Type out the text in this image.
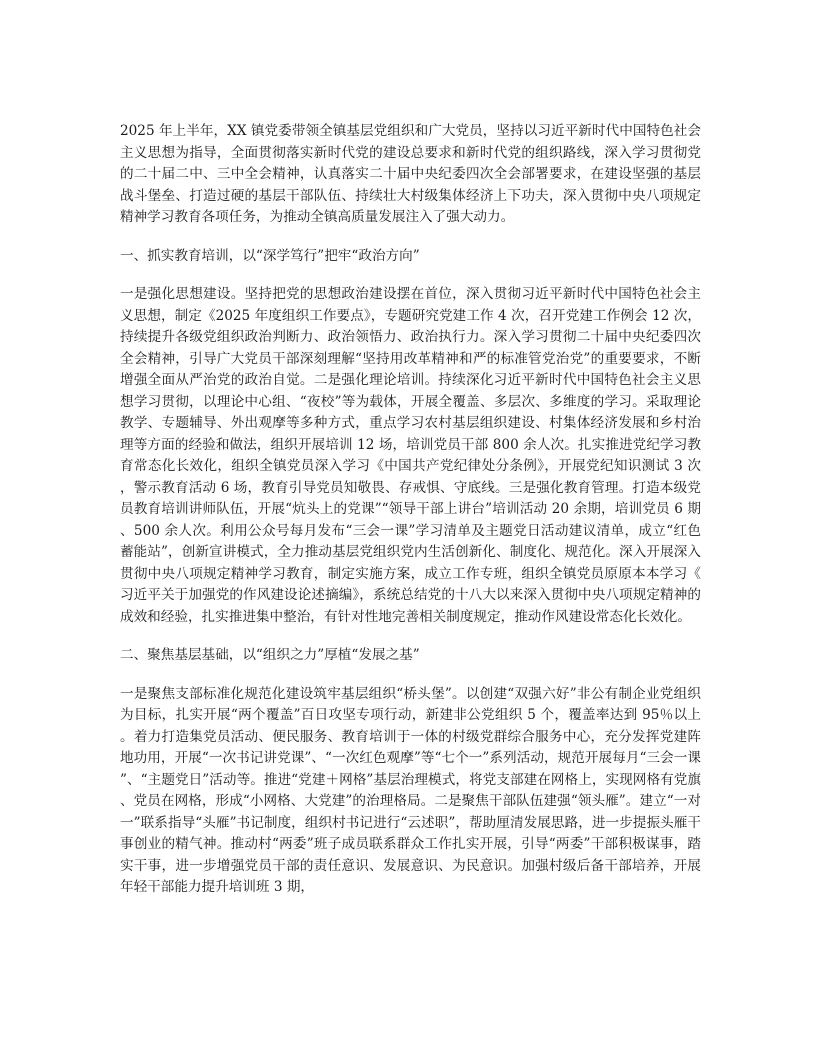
2025 年上半年，XX 镇党委带领全镇基层党组织和广大党员，坚持以习近平新时代中国特色社会主义思想为指导，全面贯彻落实新时代党的建设总要求和新时代党的组织路线，深入学习贯彻党的二十届二中、三中全会精神，认真落实二十届中央纪委四次全会部署要求，在建设坚强的基层战斗堡垒、打造过硬的基层干部队伍、持续壮大村级集体经济上下功夫，深入贯彻中央八项规定精神学习教育各项任务，为推动全镇高质量发展注入了强大动力。

一、抓实教育培训，以“深学笃行”把牢“政治方向”

一是强化思想建设。坚持把党的思想政治建设摆在首位，深入贯彻习近平新时代中国特色社会主义思想，制定《2025 年度组织工作要点》，专题研究党建工作 4 次，召开党建工作例会 12 次，持续提升各级党组织政治判断力、政治领悟力、政治执行力。深入学习贯彻二十届中央纪委四次全会精神，引导广大党员干部深刻理解“坚持用改革精神和严的标准管党治党”的重要要求，不断增强全面从严治党的政治自觉。二是强化理论培训。持续深化习近平新时代中国特色社会主义思想学习贯彻，以理论中心组、“夜校”等为载体，开展全覆盖、多层次、多维度的学习。采取理论教学、专题辅导、外出观摩等多种方式，重点学习农村基层组织建设、村集体经济发展和乡村治理等方面的经验和做法，组织开展培训 12 场，培训党员干部 800 余人次。扎实推进党纪学习教育常态化长效化，组织全镇党员深入学习《中国共产党纪律处分条例》，开展党纪知识测试 3 次，警示教育活动 6 场，教育引导党员知敬畏、存戒惧、守底线。三是强化教育管理。打造本级党员教育培训讲师队伍，开展“炕头上的党课”“领导干部上讲台”培训活动 20 余期，培训党员 6 期、500 余人次。利用公众号每月发布“三会一课”学习清单及主题党日活动建议清单，成立“红色蓄能站”，创新宣讲模式，全力推动基层党组织党内生活创新化、制度化、规范化。深入开展深入贯彻中央八项规定精神学习教育，制定实施方案，成立工作专班，组织全镇党员原原本本学习《习近平关于加强党的作风建设论述摘编》，系统总结党的十八大以来深入贯彻中央八项规定精神的成效和经验，扎实推进集中整治，有针对性地完善相关制度规定，推动作风建设常态化长效化。

二、聚焦基层基础，以“组织之力”厚植“发展之基”

一是聚焦支部标准化规范化建设筑牢基层组织“桥头堡”。以创建“双强六好”非公有制企业党组织为目标，扎实开展“两个覆盖”百日攻坚专项行动，新建非公党组织 5 个，覆盖率达到 95％以上。着力打造集党员活动、便民服务、教育培训于一体的村级党群综合服务中心，充分发挥党建阵地功用，开展“一次书记讲党课”、“一次红色观摩”等“七个一”系列活动，规范开展每月“三会一课”、“主题党日”活动等。推进“党建＋网格”基层治理模式，将党支部建在网格上，实现网格有党旗、党员在网格，形成“小网格、大党建”的治理格局。二是聚焦干部队伍建强“领头雁”。建立“一对一”联系指导“头雁”书记制度，组织村书记进行“云述职”，帮助厘清发展思路，进一步提振头雁干事创业的精气神。推动村“两委”班子成员联系群众工作扎实开展，引导“两委”干部积极谋事，踏实干事，进一步增强党员干部的责任意识、发展意识、为民意识。加强村级后备干部培养，开展年轻干部能力提升培训班 3 期，
